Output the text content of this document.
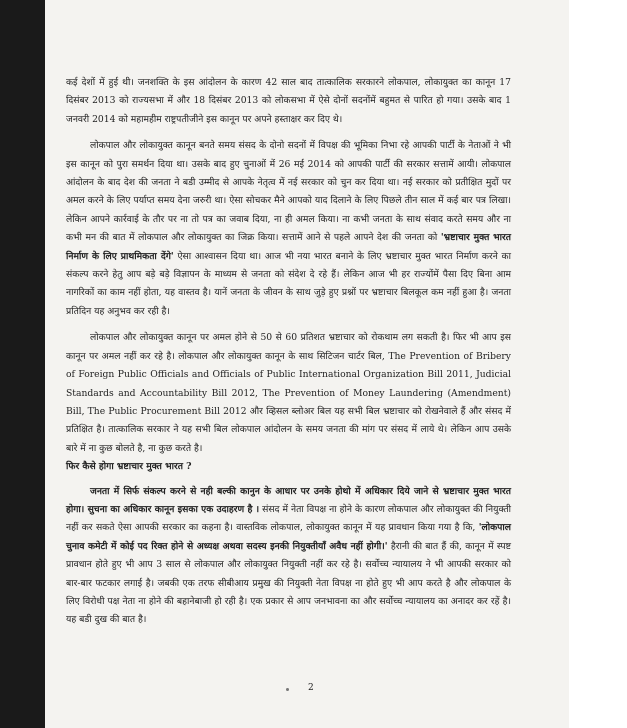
कई देशों में हुई थी। जनशक्ति के इस आंदोलन के कारण 42 साल बाद तात्कालिक सरकारने लोकपाल, लोकायुक्त का कानून 17 दिसंबर 2013 को राज्यसभा में और 18 दिसंबर 2013 को लोकसभा में ऐसे दोनों सदनोंमें बहुमत से पारित हो गया। उसके बाद 1 जनवरी 2014 को महामहीम राष्ट्रपतीजीने इस कानून पर अपने हस्ताक्षर कर दिए थे।

लोकपाल और लोकायुक्त कानून बनते समय संसद के दोनो सदनों में विपक्ष की भूमिका निभा रहे आपकी पार्टी के नेताओं ने भी इस कानून को पुरा समर्थन दिया था। उसके बाद हुए चुनाओं में 26 मई 2014 को आपकी पार्टी की सरकार सत्तामें आयी। लोकपाल आंदोलन के बाद देश की जनता ने बडी उम्मीद से आपके नेतृत्व में नई सरकार को चुन कर दिया था। नई सरकार को प्रतीक्षित मुदों पर अमल करने के लिए पर्याप्त समय देना जरुरी था। ऐसा सोचकर मैने आपको याद दिलाने के लिए पिछले तीन साल में कई बार पत्र लिखा। लेकिन आपने कार्रवाई के तौर पर ना तो पत्र का जवाब दिया, ना ही अमल किया। ना कभी जनता के साथ संवाद करते समय और ना कभी मन की बात में लोकपाल और लोकायुक्त का जिक्र किया। सत्तामें आने से पहले आपने देश की जनता को 'भ्रष्टाचार मुक्त भारत निर्माण के लिए प्राथमिकता देंगे' ऐसा आश्वासन दिया था। आज भी नया भारत बनाने के लिए भ्रष्टाचार मुक्त भारत निर्माण करने का संकल्प करने हेतु आप बड़े बड़े विज्ञापन के माध्यम से जनता को संदेश दे रहे हैं। लेकिन आज भी हर राज्योंमें पैसा दिए बिना आम नागरिकों का काम नहीं होता, यह वास्तव है। यानें जनता के जीवन के साथ जुड़े हुए प्रश्नों पर भ्रष्टाचार बिलकूल कम नहीं हुआ है। जनता प्रतिदिन यह अनुभव कर रही है।

लोकपाल और लोकायुक्त कानून पर अमल होने से 50 से 60 प्रतिशत भ्रष्टाचार को रोकथाम लग सकती है। फिर भी आप इस कानून पर अमल नहीं कर रहे है। लोकपाल और लोकायुक्त कानून के साथ सिटिजन चार्टर बिल, The Prevention of Bribery of Foreign Public Officials and Officials of Public International Organization Bill 2011, Judicial Standards and Accountability Bill 2012, The Prevention of Money Laundering (Amendment) Bill, The Public Procurement Bill 2012 और व्हिसल ब्लोअर बिल यह सभी बिल भ्रष्टाचार को रोखनेवाले हैं और संसद में प्रतिक्षित है। तात्कालिक सरकार ने यह सभी बिल लोकपाल आंदोलन के समय जनता की मांग पर संसद में लाये थे। लेकिन आप उसके बारे में ना कुछ बोलते है, ना कुछ करते है।

फिर कैसे होगा भ्रष्टाचार मुक्त भारत ?

जनता में सिर्फ संकल्प करने से नही बल्की कानुन के आधार पर उनके होथो में अधिकार दिये जाने से भ्रष्टाचार मुक्त भारत होगा। सुचना का अधिकार कानून इसका एक उदाहरण है । संसद में नेता विपक्ष ना होने के कारण लोकपाल और लोकायुक्त की नियुक्ती नहीं कर सकते ऐसा आपकी सरकार का कहना है। वास्तविक लोकपाल, लोकायुक्त कानून में यह प्रावधान किया गया है कि, 'लोकपाल चुनाव कमेटी में कोई पद रिक्त होने से अध्यक्ष अथवा सदस्य इनकी नियुक्तीयाँ अवैध नहीं होगी।' हैरानी की बात हैं की, कानून में स्पष्ट प्रावधान होते हुए भी आप 3 साल से लोकपाल और लोकायुक्त नियुक्ती नहीं कर रहे है। सर्वोच्च न्यायालय ने भी आपकी सरकार को बार-बार फटकार लगाई है। जबकी एक तरफ सीबीआय प्रमुख की नियुक्ती नेता विपक्ष ना होते हुए भी आप करते है और लोकपाल के लिए विरोधी पक्ष नेता ना होने की बहानेबाजी हो रही है। एक प्रकार से आप जनभावना का और सर्वोच्च न्यायालय का अनादर कर रहें है। यह बडी दुख की बात है।

2
